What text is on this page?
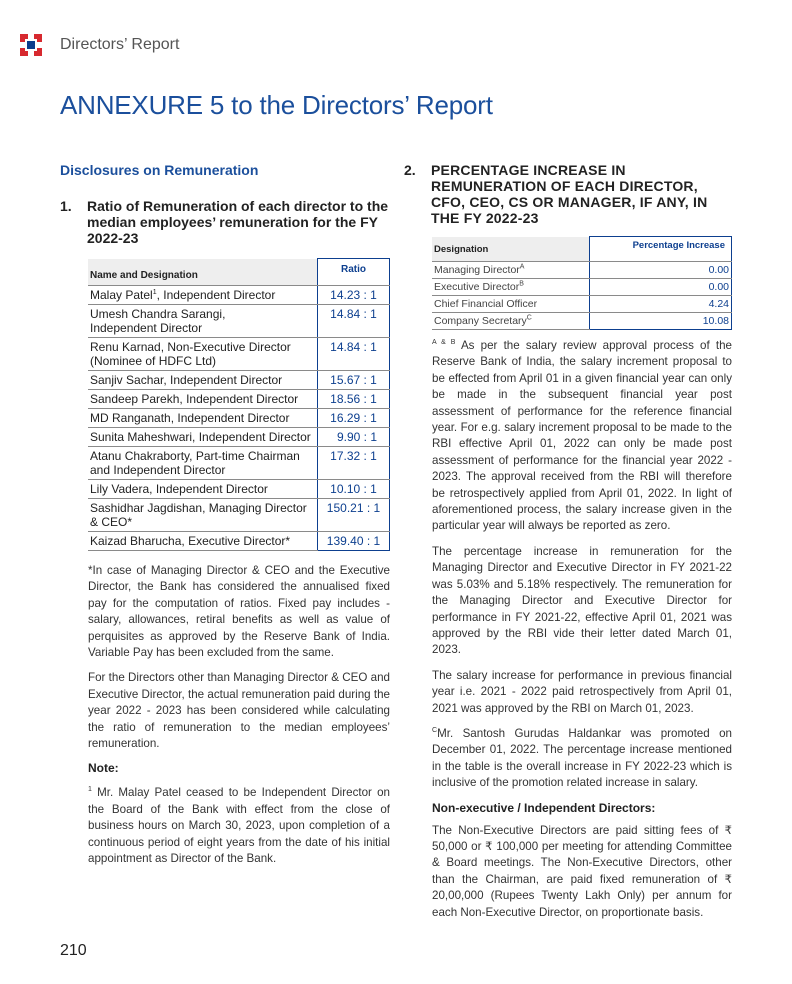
Directors’ Report
ANNEXURE 5 to the Directors’ Report
Disclosures on Remuneration
1.	Ratio of Remuneration of each director to the median employees’ remuneration for the FY 2022-23
Name and Designation	Ratio
Malay Patel$^1$, Independent Director	14.23 : 1
Umesh Chandra Sarangi,
Independent Director	14.84 : 1
Renu Karnad, Non-Executive Director
(Nominee of HDFC Ltd)	14.84 : 1
Sanjiv Sachar, Independent Director	15.67 : 1
Sandeep Parekh, Independent Director	18.56 : 1
MD Ranganath, Independent Director	16.29 : 1
Sunita Maheshwari, Independent Director	9.90 : 1
Atanu Chakraborty, Part-time Chairman
and Independent Director	17.32 : 1
Lily Vadera, Independent Director	10.10 : 1
Sashidhar Jagdishan, Managing Director
& CEO*	150.21 : 1
Kaizad Bharucha, Executive Director*	139.40 : 1

*In case of Managing Director & CEO and the Executive Director, the Bank has considered the annualised fixed pay for the computation of ratios. Fixed pay includes - salary, allowances, retiral benefits as well as value of perquisites as approved by the Reserve Bank of India. Variable Pay has been excluded from the same.

For the Directors other than Managing Director & CEO and Executive Director, the actual remuneration paid during the year 2022 - 2023 has been considered while calculating the ratio of remuneration to the median employees’ remuneration.

Note:

$^1$ Mr. Malay Patel ceased to be Independent Director on the Board of the Bank with effect from the close of business hours on March 30, 2023, upon completion of a continuous period of eight years from the date of his initial appointment as Director of the Bank.

2.	PERCENTAGE INCREASE IN REMUNERATION OF EACH DIRECTOR, CFO, CEO, CS OR MANAGER, IF ANY, IN THE FY 2022-23
Designation	Percentage Increase
Managing Director$^A$	0.00
Executive Director$^B$	0.00
Chief Financial Officer	4.24
Company Secretary$^C$	10.08

$^{A \& B}$ As per the salary review approval process of the Reserve Bank of India, the salary increment proposal to be effected from April 01 in a given financial year can only be made in the subsequent financial year post assessment of performance for the reference financial year. For e.g. salary increment proposal to be made to the RBI effective April 01, 2022 can only be made post assessment of performance for the financial year 2022 - 2023. The approval received from the RBI will therefore be retrospectively applied from April 01, 2022. In light of aforementioned process, the salary increase given in the particular year will always be reported as zero.

The percentage increase in remuneration for the Managing Director and Executive Director in FY 2021-22 was 5.03% and 5.18% respectively. The remuneration for the Managing Director and Executive Director for performance in FY 2021-22, effective April 01, 2021 was approved by the RBI vide their letter dated March 01, 2023.

The salary increase for performance in previous financial year i.e. 2021 - 2022 paid retrospectively from April 01, 2021 was approved by the RBI on March 01, 2023.

$^C$Mr. Santosh Gurudas Haldankar was promoted on December 01, 2022. The percentage increase mentioned in the table is the overall increase in FY 2022-23 which is inclusive of the promotion related increase in salary.

Non-executive / Independent Directors:

The Non-Executive Directors are paid sitting fees of ₹ 50,000 or ₹ 100,000 per meeting for attending Committee & Board meetings. The Non-Executive Directors, other than the Chairman, are paid fixed remuneration of ₹ 20,00,000 (Rupees Twenty Lakh Only) per annum for each Non-Executive Director, on proportionate basis.

210
